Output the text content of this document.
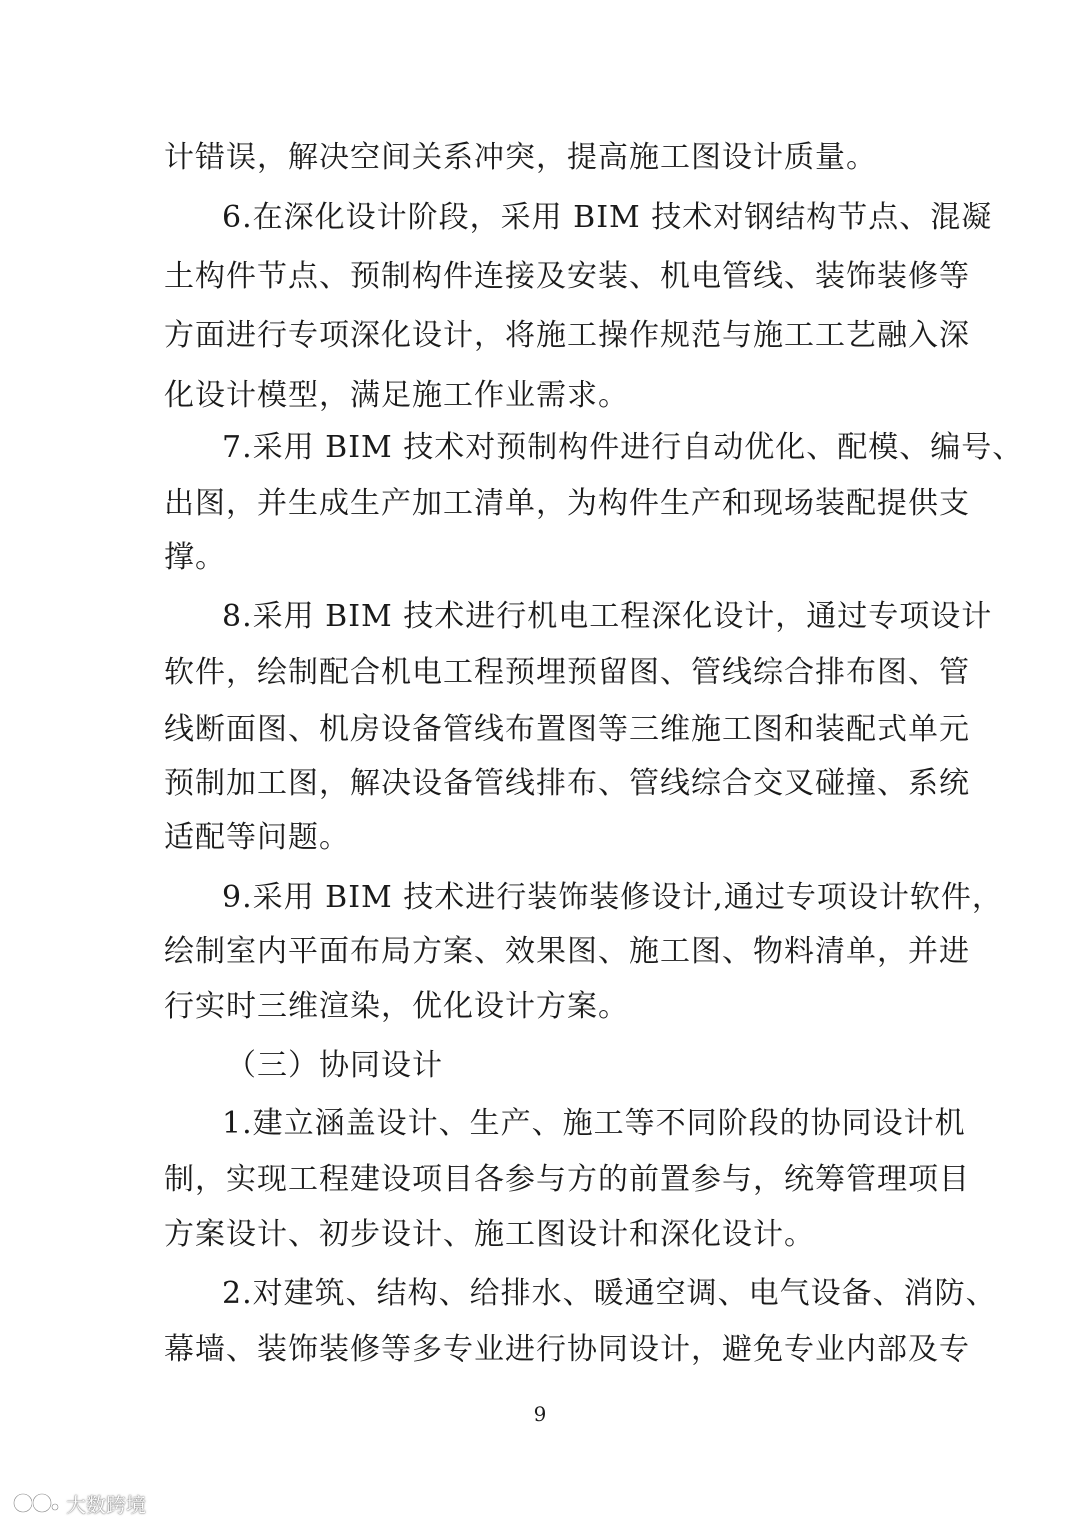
计错误，解决空间关系冲突，提高施工图设计质量。
6.在深化设计阶段，采用 BIM 技术对钢结构节点、混凝
土构件节点、预制构件连接及安装、机电管线、装饰装修等
方面进行专项深化设计，将施工操作规范与施工工艺融入深
化设计模型，满足施工作业需求。
7.采用 BIM 技术对预制构件进行自动优化、配模、编号、
出图，并生成生产加工清单，为构件生产和现场装配提供支
撑。
8.采用 BIM 技术进行机电工程深化设计，通过专项设计
软件，绘制配合机电工程预埋预留图、管线综合排布图、管
线断面图、机房设备管线布置图等三维施工图和装配式单元
预制加工图，解决设备管线排布、管线综合交叉碰撞、系统
适配等问题。
9.采用 BIM 技术进行装饰装修设计,通过专项设计软件，
绘制室内平面布局方案、效果图、施工图、物料清单，并进
行实时三维渲染，优化设计方案。
（三）协同设计
1.建立涵盖设计、生产、施工等不同阶段的协同设计机
制，实现工程建设项目各参与方的前置参与，统筹管理项目
方案设计、初步设计、施工图设计和深化设计。
2.对建筑、结构、给排水、暖通空调、电气设备、消防、
幕墙、装饰装修等多专业进行协同设计，避免专业内部及专
9
大数跨境
